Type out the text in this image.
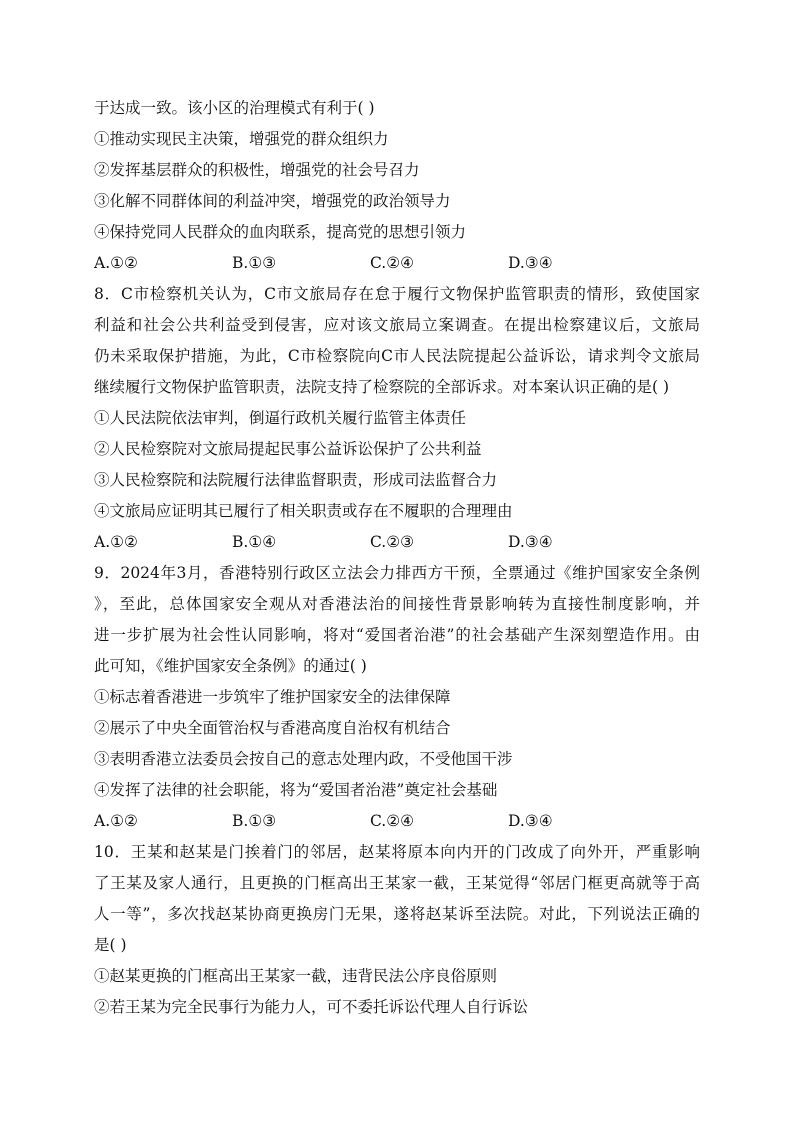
于达成一致。该小区的治理模式有利于( )
①推动实现民主决策，增强党的群众组织力
②发挥基层群众的积极性，增强党的社会号召力
③化解不同群体间的利益冲突，增强党的政治领导力
④保持党同人民群众的血肉联系，提高党的思想引领力
A.①②	B.①③	C.②④	D.③④
8．C市检察机关认为，C市文旅局存在怠于履行文物保护监管职责的情形，致使国家
利益和社会公共利益受到侵害，应对该文旅局立案调查。在提出检察建议后，文旅局
仍未采取保护措施，为此，C市检察院向C市人民法院提起公益诉讼，请求判令文旅局
继续履行文物保护监管职责，法院支持了检察院的全部诉求。对本案认识正确的是( )
①人民法院依法审判，倒逼行政机关履行监管主体责任
②人民检察院对文旅局提起民事公益诉讼保护了公共利益
③人民检察院和法院履行法律监督职责，形成司法监督合力
④文旅局应证明其已履行了相关职责或存在不履职的合理理由
A.①②	B.①④	C.②③	D.③④
9．2024年3月，香港特别行政区立法会力排西方干预，全票通过《维护国家安全条例
》，至此，总体国家安全观从对香港法治的间接性背景影响转为直接性制度影响，并
进一步扩展为社会性认同影响，将对“爱国者治港”的社会基础产生深刻塑造作用。由
此可知，《维护国家安全条例》的通过( )
①标志着香港进一步筑牢了维护国家安全的法律保障
②展示了中央全面管治权与香港高度自治权有机结合
③表明香港立法委员会按自己的意志处理内政，不受他国干涉
④发挥了法律的社会职能，将为“爱国者治港”奠定社会基础
A.①②	B.①③	C.②④	D.③④
10．王某和赵某是门挨着门的邻居，赵某将原本向内开的门改成了向外开，严重影响
了王某及家人通行，且更换的门框高出王某家一截，王某觉得“邻居门框更高就等于高
人一等”，多次找赵某协商更换房门无果，遂将赵某诉至法院。对此，下列说法正确的
是( )
①赵某更换的门框高出王某家一截，违背民法公序良俗原则
②若王某为完全民事行为能力人，可不委托诉讼代理人自行诉讼
